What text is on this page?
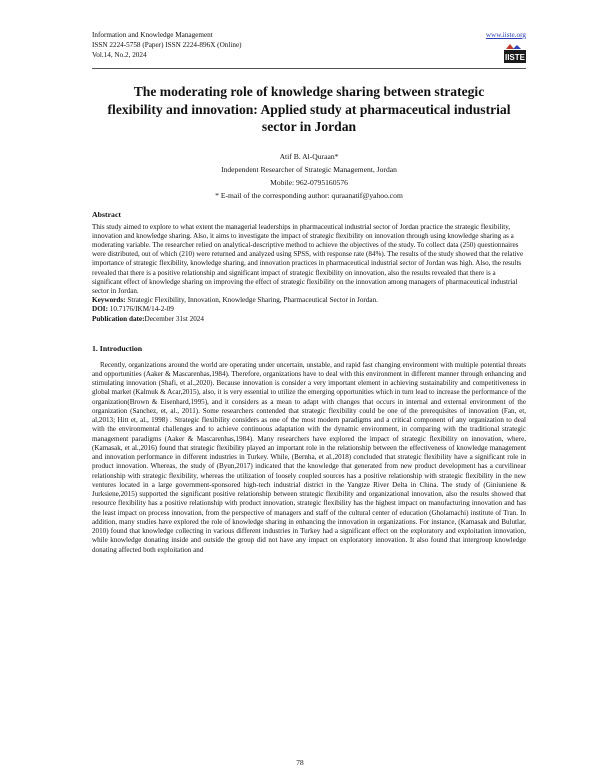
Information and Knowledge Management
ISSN 2224-5758 (Paper) ISSN 2224-896X (Online)
Vol.14, No.2, 2024
www.iiste.org

IISTE
The moderating role of knowledge sharing between strategic flexibility and innovation: Applied study at pharmaceutical industrial sector in Jordan
Atif B. Al-Quraan*
Independent Researcher of Strategic Management, Jordan
Mobile: 962-0795160576
* E-mail of the corresponding author: quraanatif@yahoo.com
Abstract

This study aimed to explore to what extent the managerial leaderships in pharmaceutical industrial sector of Jordan practice the strategic flexibility, innovation and knowledge sharing. Also, it aims to investigate the impact of strategic flexibility on innovation through using knowledge sharing as a moderating variable. The researcher relied on analytical-descriptive method to achieve the objectives of the study. To collect data (250) questionnaires were distributed, out of which (210) were returned and analyzed using SPSS, with response rate (84%). The results of the study showed that the relative importance of strategic flexibility, knowledge sharing, and innovation practices in pharmaceutical industrial sector of Jordan was high. Also, the results revealed that there is a positive relationship and significant impact of strategic flexibility on innovation, also the results revealed that there is a significant effect of knowledge sharing on improving the effect of strategic flexibility on the innovation among managers of pharmaceutical industrial sector in Jordan.

Keywords: Strategic Flexibility, Innovation, Knowledge Sharing, Pharmaceutical Sector in Jordan.
DOI: 10.7176/IKM/14-2-09
Publication date:December 31st 2024
1. Introduction

Recently, organizations around the world are operating under uncertain, unstable, and rapid fast changing environment with multiple potential threats and opportunities (Aaker & Mascarenhas,1984). Therefore, organizations have to deal with this environment in different manner through enhancing and stimulating innovation (Shafi, et al.,2020). Because innovation is consider a very important element in achieving sustainability and competitiveness in global market (Kalmuk & Acar,2015), also, it is very essential to utilize the emerging opportunities which in turn lead to increase the performance of the organization(Brown & Eisenhard,1995), and it considers as a mean to adapt with changes that occurs in internal and external environment of the organization (Sanchez, et, al., 2011). Some researchers contended that strategic flexibility could be one of the prerequisites of innovation (Fan, et, al,2013; Hitt et, al., 1998) . Strategic flexibility considers as one of the most modern paradigms and a critical component of any organization to deal with the environmental challenges and to achieve continuous adaptation with the dynamic environment, in comparing with the traditional strategic management paradigms (Aaker & Mascarenhas,1984). Many researchers have explored the impact of strategic flexibility on innovation, where, (Kamasak, et al.,2016) found that strategic flexibility played an important role in the relationship between the effectiveness of knowledge management and innovation performance in different industries in Turkey. While, (Bernha, et al.,2018) concluded that strategic flexibility have a significant role in product innovation. Whereas, the study of (Byun,2017) indicated that the knowledge that generated from new product development has a curvilinear relationship with strategic flexibility, whereas the utilization of loosely coupled sources has a positive relationship with strategic flexibility in the new ventures located in a large government-sponsored high-tech industrial district in the Yangtze River Delta in China. The study of (Giniuniene & Jurksiene,2015) supported the significant positive relationship between strategic flexibility and organizational innovation, also the results showed that resource flexibility has a positive relationship with product innovation, strategic flexibility has the highest impact on manufacturing innovation and has the least impact on process innovation, from the perspective of managers and staff of the cultural center of education (Gholamachi) institute of Tran. In addition, many studies have explored the role of knowledge sharing in enhancing the innovation in organizations. For instance, (Kamasak and Bulutlar, 2010) found that knowledge collecting in various different industries in Turkey had a significant effect on the exploratory and exploitation innovation, while knowledge donating inside and outside the group did not have any impact on exploratory innovation. It also found that intergroup knowledge donating affected both exploitation and

78
